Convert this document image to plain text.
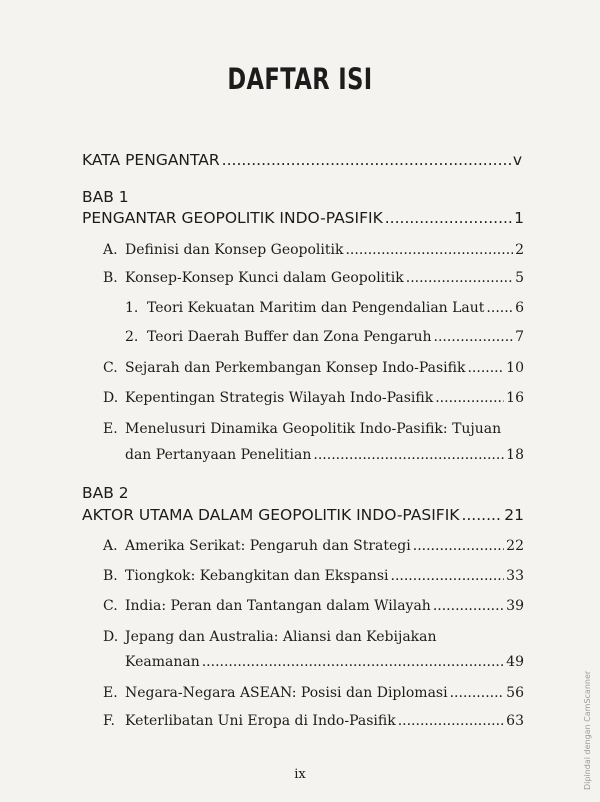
DAFTAR ISI
KATA PENGANTAR .....	v
BAB 1
PENGANTAR GEOPOLITIK INDO-PASIFIK .....	1
A. Definisi dan Konsep Geopolitik .....	2
B. Konsep-Konsep Kunci dalam Geopolitik .....	5
1. Teori Kekuatan Maritim dan Pengendalian Laut ..... 6
2. Teori Daerah Buffer dan Zona Pengaruh .....	7
C. Sejarah dan Perkembangan Konsep Indo-Pasifik .....	10
D. Kepentingan Strategis Wilayah Indo-Pasifik .....	16
E. Menelusuri Dinamika Geopolitik Indo-Pasifik: Tujuan
dan Pertanyaan Penelitian .....	18
BAB 2
AKTOR UTAMA DALAM GEOPOLITIK INDO-PASIFIK .....	21
A. Amerika Serikat: Pengaruh dan Strategi .....	22
B. Tiongkok: Kebangkitan dan Ekspansi .....	33
C. India: Peran dan Tantangan dalam Wilayah .....	39
D. Jepang dan Australia: Aliansi dan Kebijakan
Keamanan .....	49
E. Negara-Negara ASEAN: Posisi dan Diplomasi .....	56
F. Keterlibatan Uni Eropa di Indo-Pasifik .....	63
ix	Dipindai dengan CamScanner
